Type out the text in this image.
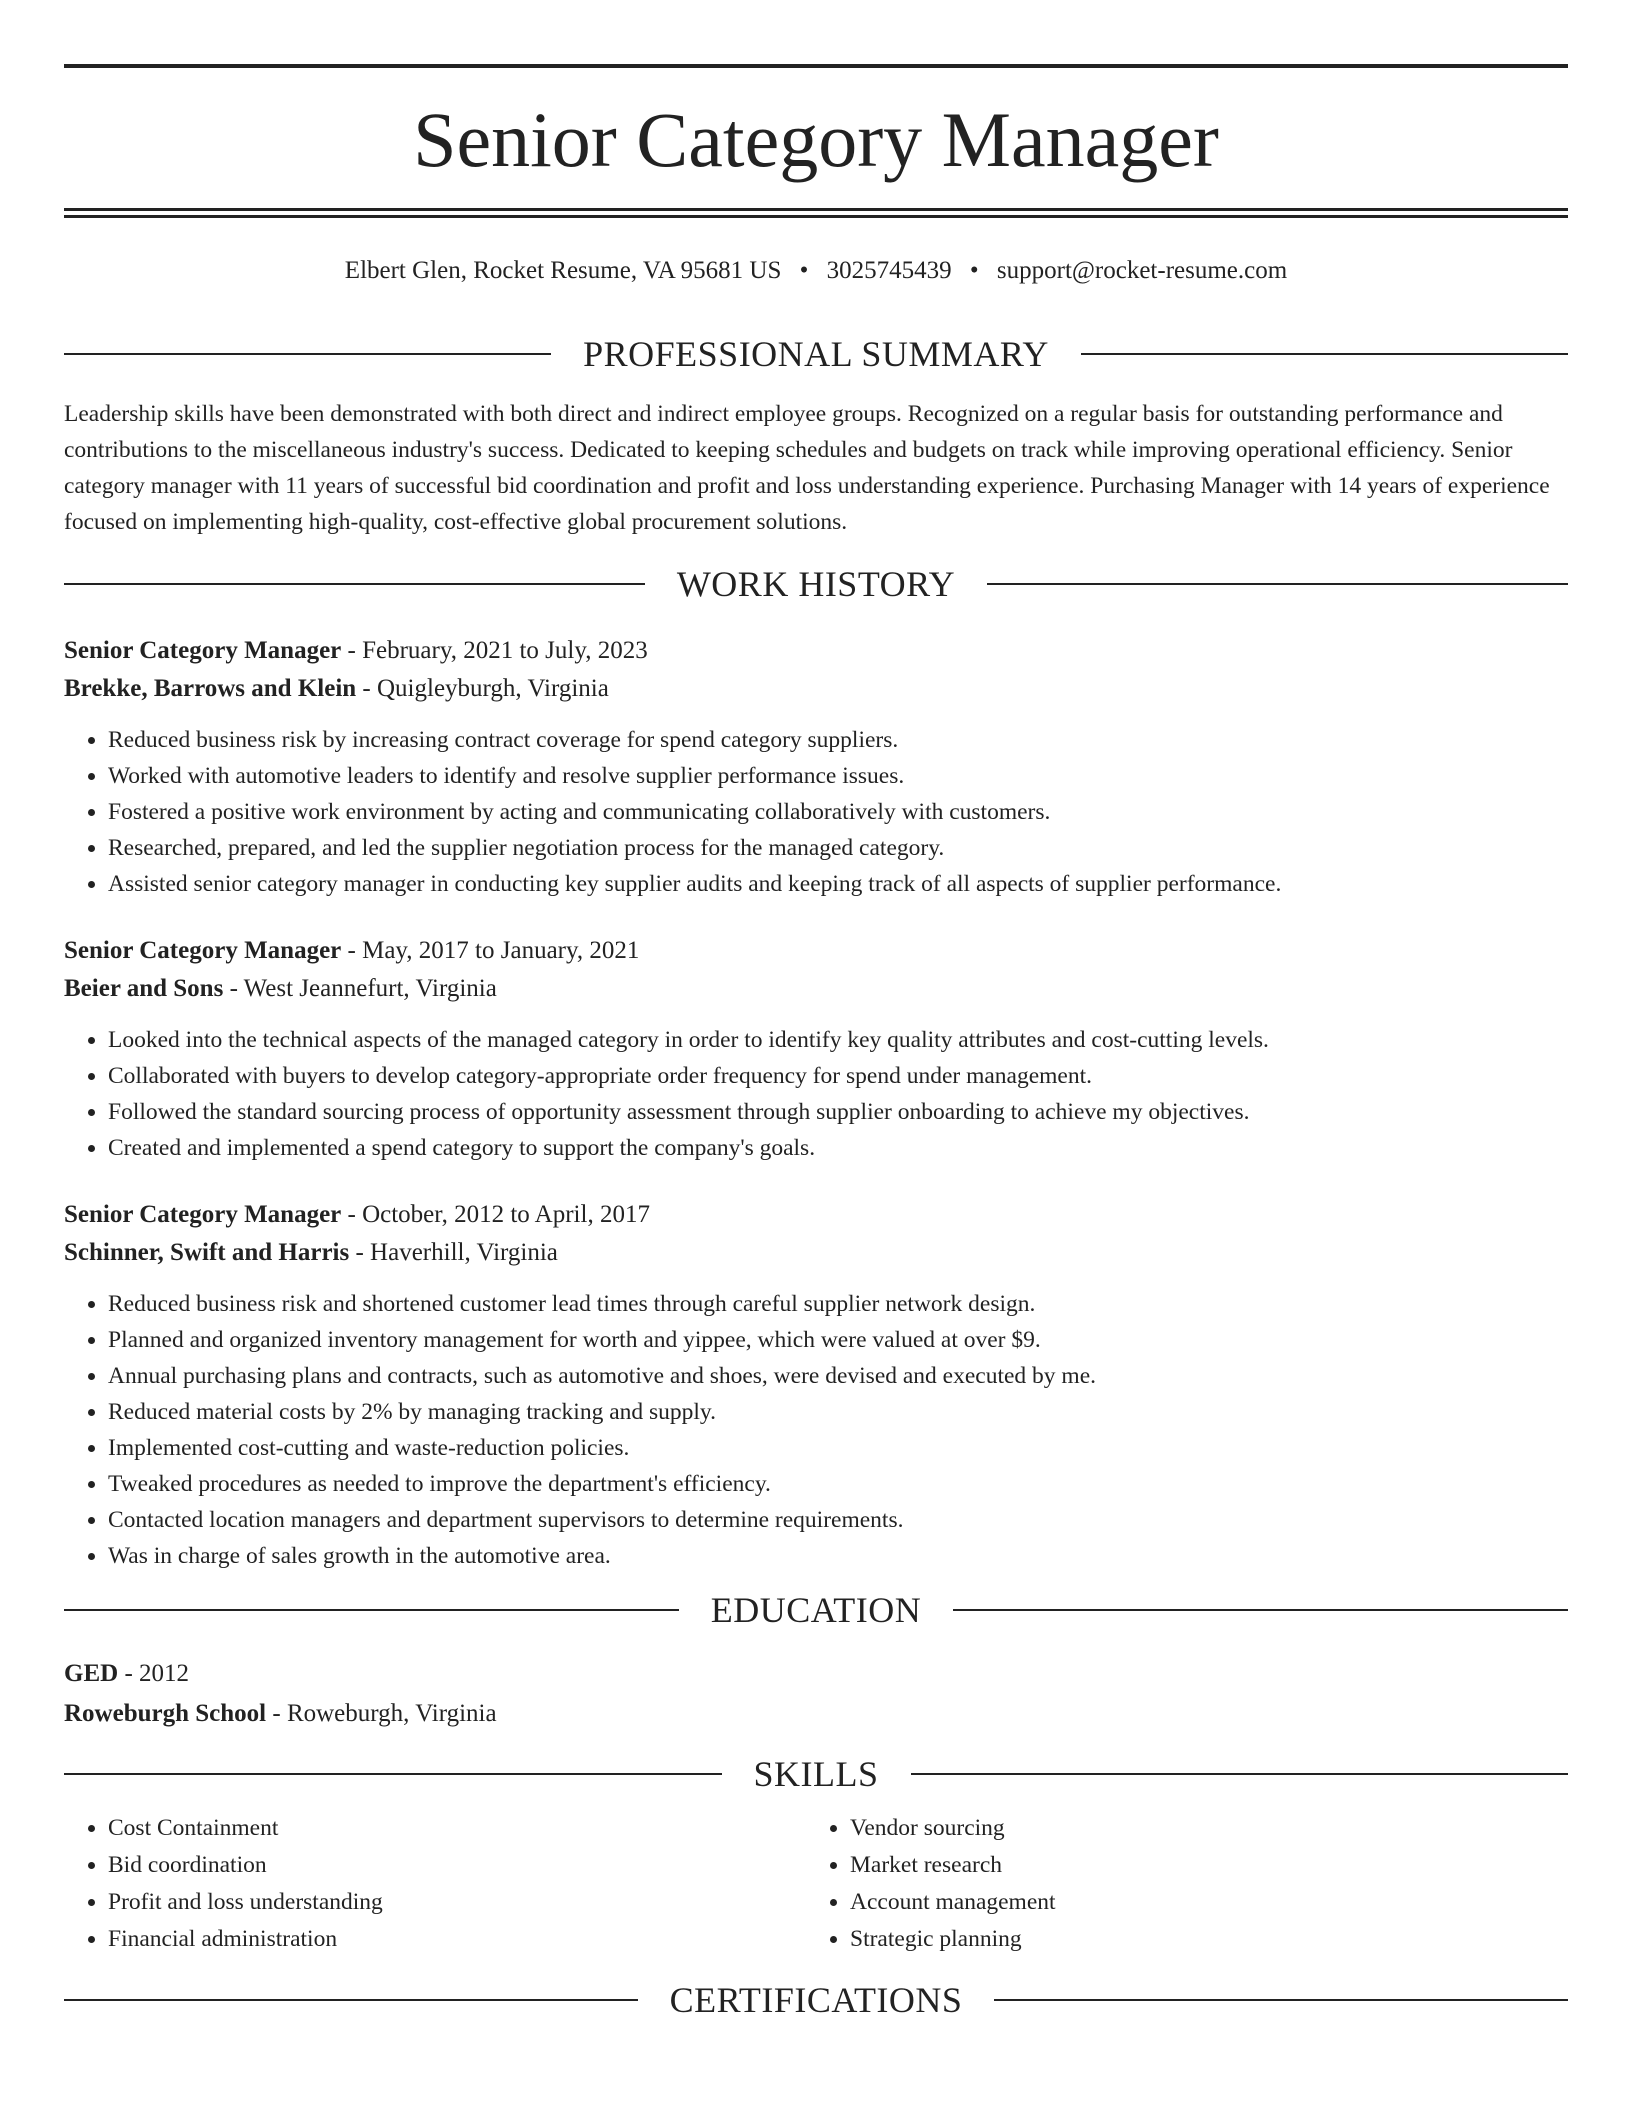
Senior Category Manager
Elbert Glen, Rocket Resume, VA 95681 US • 3025745439 • support@rocket-resume.com
PROFESSIONAL SUMMARY

Leadership skills have been demonstrated with both direct and indirect employee groups. Recognized on a regular basis for outstanding performance and contributions to the miscellaneous industry's success. Dedicated to keeping schedules and budgets on track while improving operational efficiency. Senior category manager with 11 years of successful bid coordination and profit and loss understanding experience. Purchasing Manager with 14 years of experience focused on implementing high-quality, cost-effective global procurement solutions.

WORK HISTORY
Senior Category Manager - February, 2021 to July, 2023
Brekke, Barrows and Klein - Quigleyburgh, Virginia
• Reduced business risk by increasing contract coverage for spend category suppliers.
• Worked with automotive leaders to identify and resolve supplier performance issues.
• Fostered a positive work environment by acting and communicating collaboratively with customers.
• Researched, prepared, and led the supplier negotiation process for the managed category.
• Assisted senior category manager in conducting key supplier audits and keeping track of all aspects of supplier performance.
Senior Category Manager - May, 2017 to January, 2021
Beier and Sons - West Jeannefurt, Virginia
• Looked into the technical aspects of the managed category in order to identify key quality attributes and cost-cutting levels.
• Collaborated with buyers to develop category-appropriate order frequency for spend under management.
• Followed the standard sourcing process of opportunity assessment through supplier onboarding to achieve my objectives.
• Created and implemented a spend category to support the company's goals.
Senior Category Manager - October, 2012 to April, 2017
Schinner, Swift and Harris - Haverhill, Virginia
• Reduced business risk and shortened customer lead times through careful supplier network design.
• Planned and organized inventory management for worth and yippee, which were valued at over $9.
• Annual purchasing plans and contracts, such as automotive and shoes, were devised and executed by me.
• Reduced material costs by 2% by managing tracking and supply.
• Implemented cost-cutting and waste-reduction policies.
• Tweaked procedures as needed to improve the department's efficiency.
• Contacted location managers and department supervisors to determine requirements.
• Was in charge of sales growth in the automotive area.
EDUCATION
GED - 2012
Roweburgh School - Roweburgh, Virginia
SKILLS
• Cost Containment
• Bid coordination
• Profit and loss understanding
• Financial administration
• Vendor sourcing
• Market research
• Account management
• Strategic planning
CERTIFICATIONS
